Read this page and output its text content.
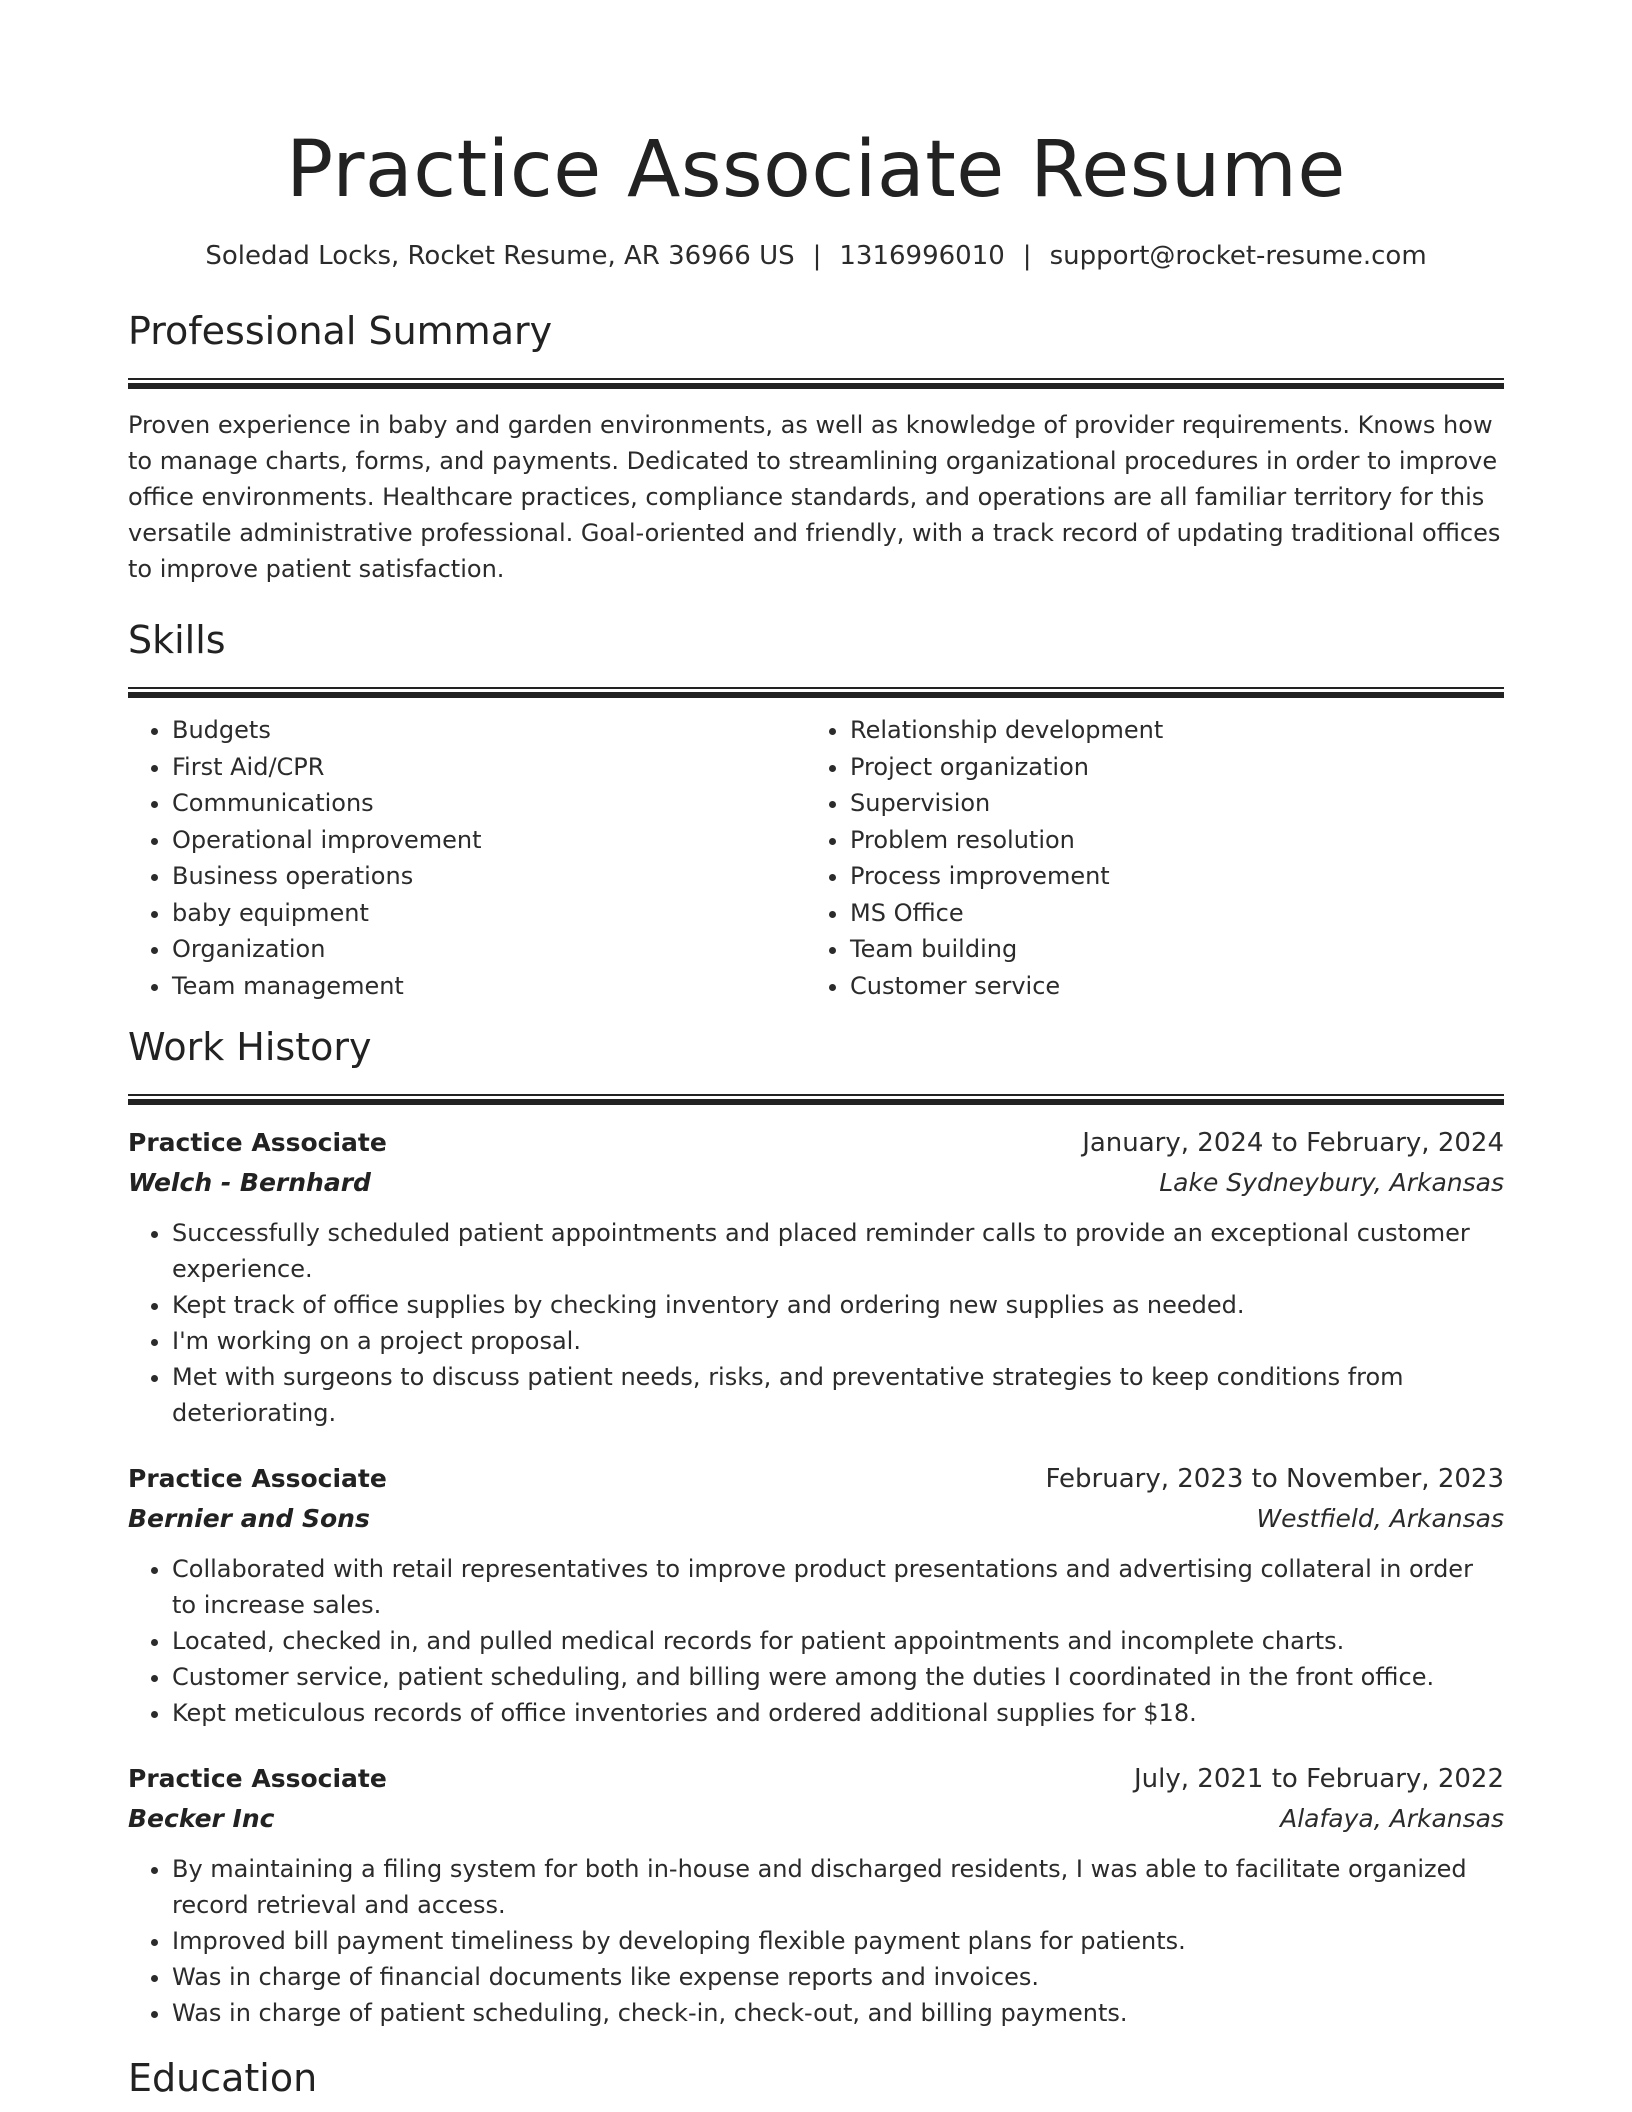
Practice Associate Resume
Soledad Locks, Rocket Resume, AR 36966 US | 1316996010 | support@rocket-resume.com
Professional Summary

Proven experience in baby and garden environments, as well as knowledge of provider requirements. Knows how to manage charts, forms, and payments. Dedicated to streamlining organizational procedures in order to improve office environments. Healthcare practices, compliance standards, and operations are all familiar territory for this versatile administrative professional. Goal-oriented and friendly, with a track record of updating traditional offices to improve patient satisfaction.

Skills
• Budgets
• First Aid/CPR
• Communications
• Operational improvement
• Business operations
• baby equipment
• Organization
• Team management
• Relationship development
• Project organization
• Supervision
• Problem resolution
• Process improvement
• MS Office
• Team building
• Customer service
Work History
Practice Associate	January, 2024 to February, 2024
Welch - Bernhard	Lake Sydneybury, Arkansas
• Successfully scheduled patient appointments and placed reminder calls to provide an exceptional customer experience.
• Kept track of office supplies by checking inventory and ordering new supplies as needed.
• I'm working on a project proposal.
• Met with surgeons to discuss patient needs, risks, and preventative strategies to keep conditions from deteriorating.
Practice Associate	February, 2023 to November, 2023
Bernier and Sons	Westfield, Arkansas
• Collaborated with retail representatives to improve product presentations and advertising collateral in order to increase sales.
• Located, checked in, and pulled medical records for patient appointments and incomplete charts.
• Customer service, patient scheduling, and billing were among the duties I coordinated in the front office.
• Kept meticulous records of office inventories and ordered additional supplies for $18.
Practice Associate	July, 2021 to February, 2022
Becker Inc	Alafaya, Arkansas
• By maintaining a filing system for both in-house and discharged residents, I was able to facilitate organized record retrieval and access.
• Improved bill payment timeliness by developing flexible payment plans for patients.
• Was in charge of financial documents like expense reports and invoices.
• Was in charge of patient scheduling, check-in, check-out, and billing payments.
Education
